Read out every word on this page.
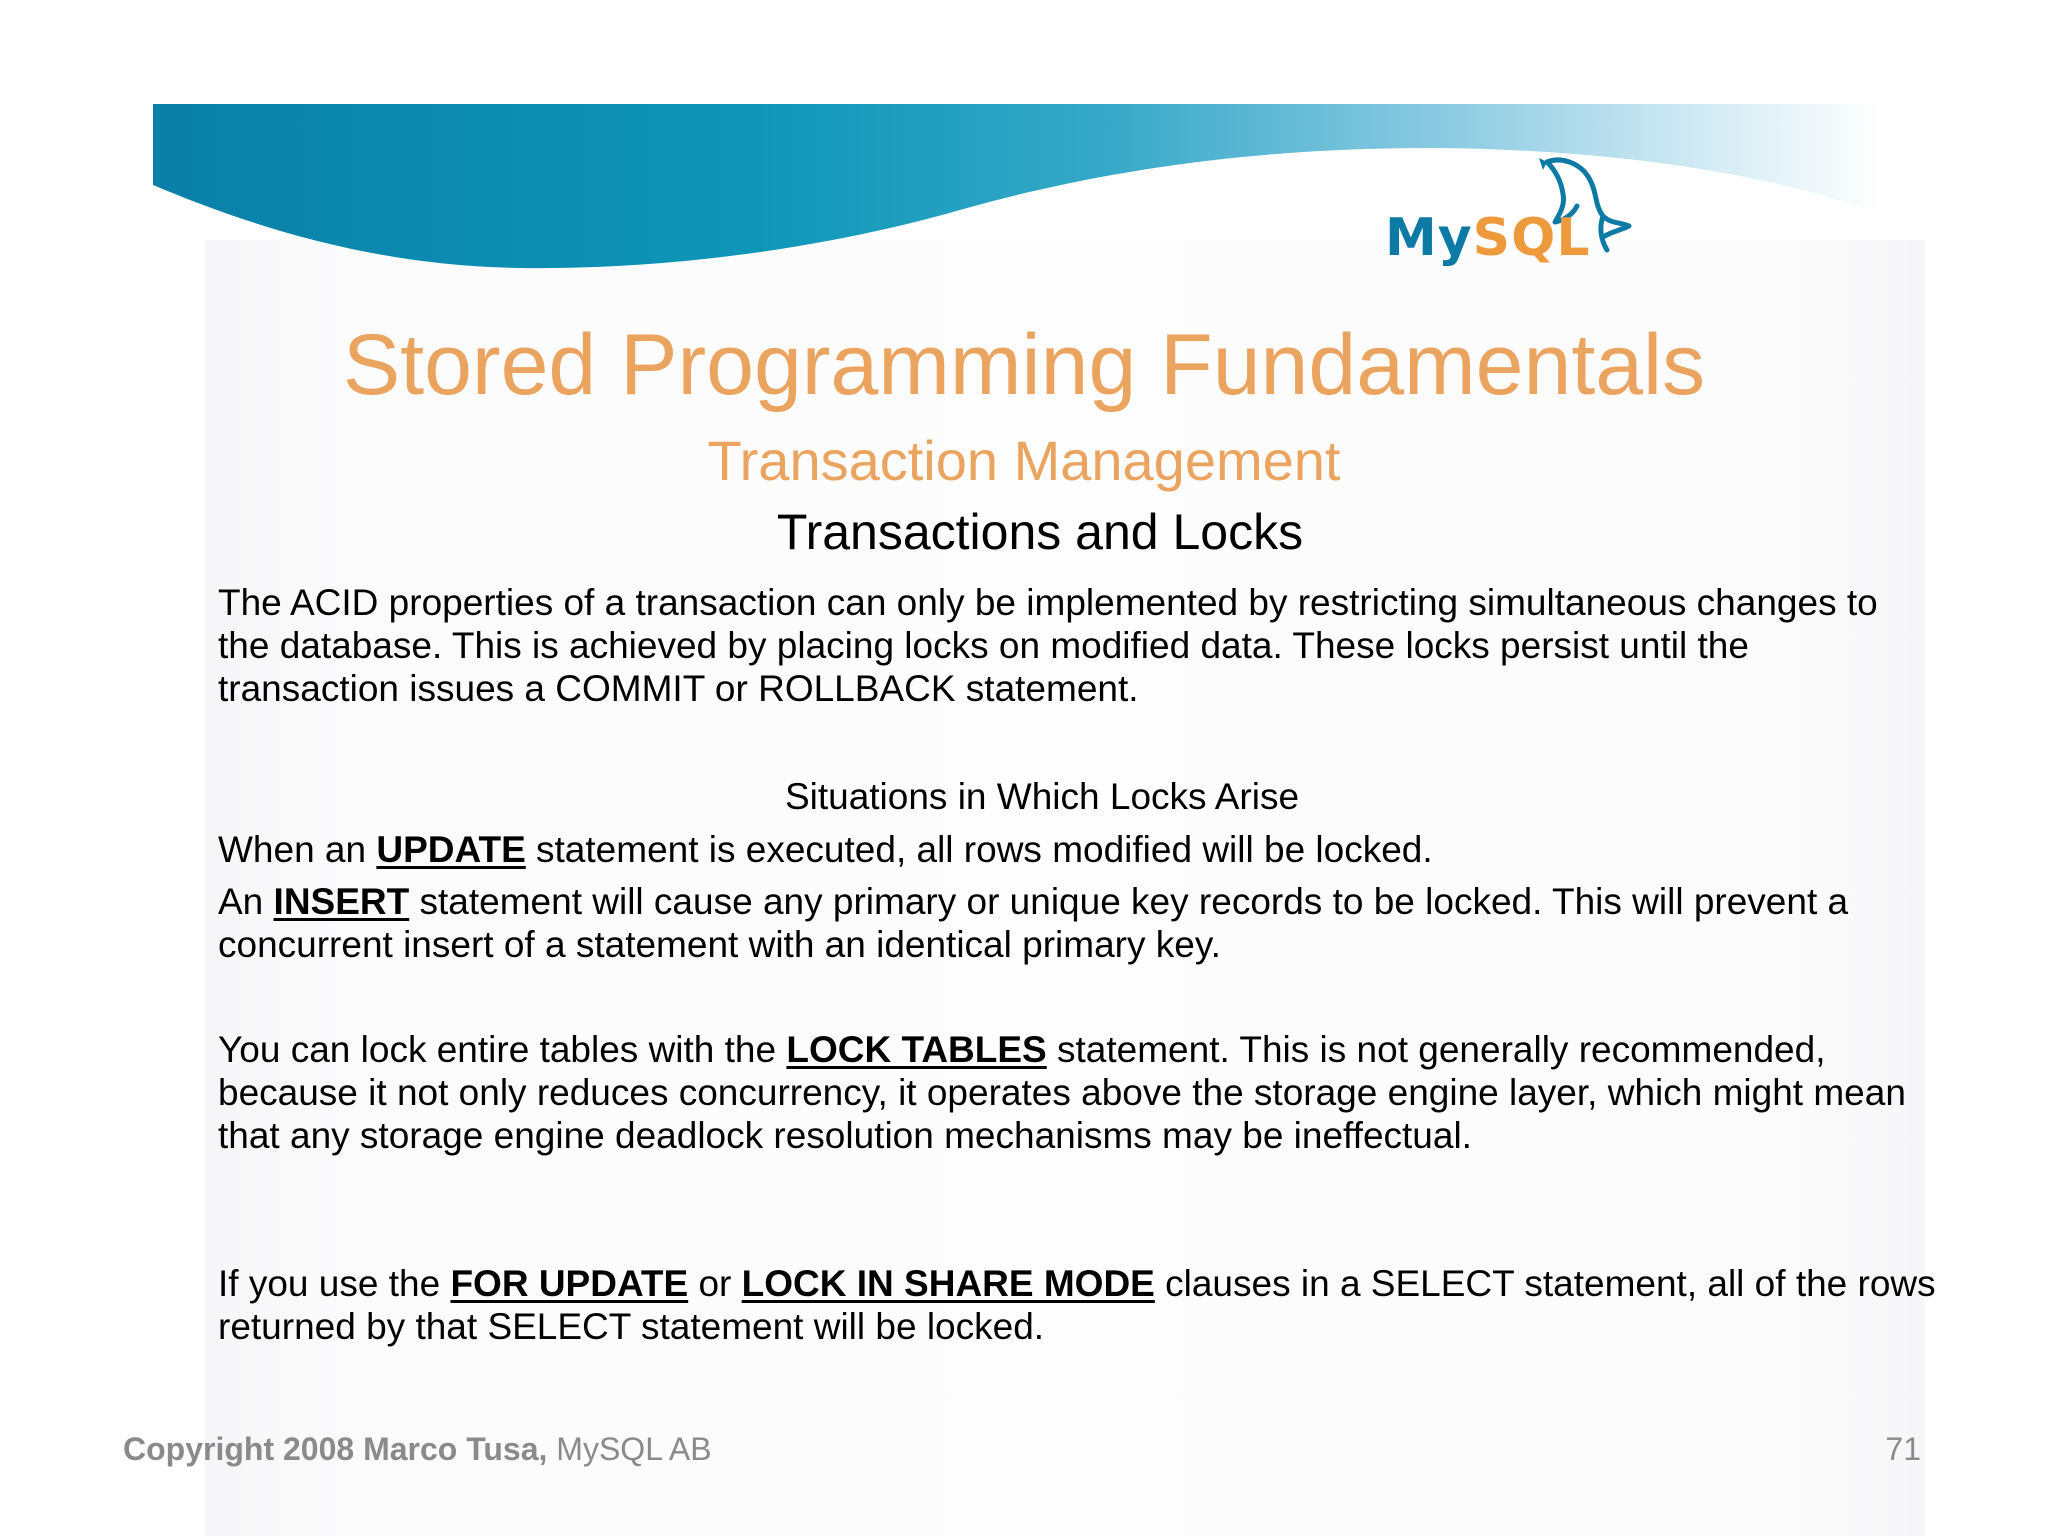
MySQL
Stored Programming Fundamentals
Transaction Management
Transactions and Locks

The ACID properties of a transaction can only be implemented by restricting simultaneous changes to the database. This is achieved by placing locks on modified data. These locks persist until the transaction issues a COMMIT or ROLLBACK statement.

Situations in Which Locks Arise

When an UPDATE statement is executed, all rows modified will be locked.

An INSERT statement will cause any primary or unique key records to be locked. This will prevent a concurrent insert of a statement with an identical primary key.

You can lock entire tables with the LOCK TABLES statement. This is not generally recommended, because it not only reduces concurrency, it operates above the storage engine layer, which might mean that any storage engine deadlock resolution mechanisms may be ineffectual.

If you use the FOR UPDATE or LOCK IN SHARE MODE clauses in a SELECT statement, all of the rows returned by that SELECT statement will be locked.

Copyright 2008 Marco Tusa, MySQL AB	71
